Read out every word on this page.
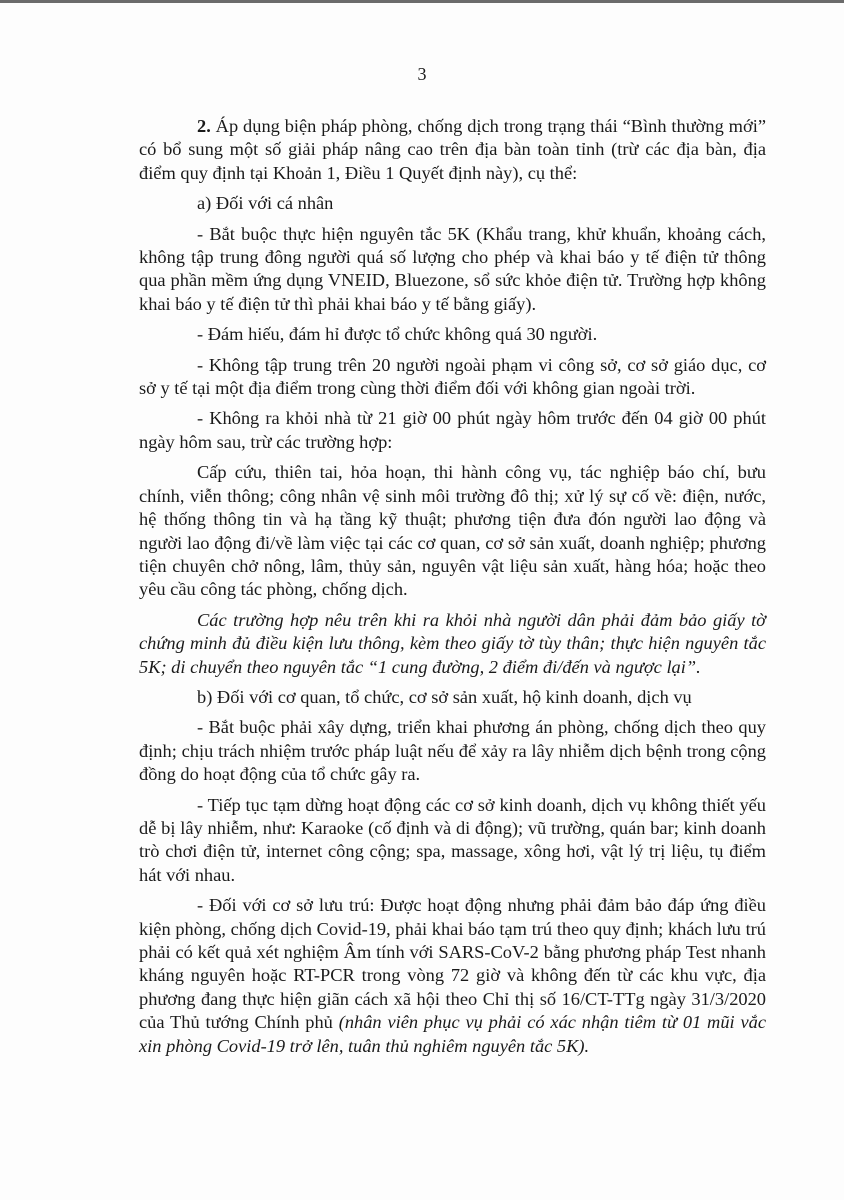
3

2. Áp dụng biện pháp phòng, chống dịch trong trạng thái “Bình thường mới” có bổ sung một số giải pháp nâng cao trên địa bàn toàn tỉnh (trừ các địa bàn, địa điểm quy định tại Khoản 1, Điều 1 Quyết định này), cụ thể:

a) Đối với cá nhân

- Bắt buộc thực hiện nguyên tắc 5K (Khẩu trang, khử khuẩn, khoảng cách, không tập trung đông người quá số lượng cho phép và khai báo y tế điện tử thông qua phần mềm ứng dụng VNEID, Bluezone, sổ sức khỏe điện tử. Trường hợp không khai báo y tế điện tử thì phải khai báo y tế bằng giấy).

- Đám hiếu, đám hỉ được tổ chức không quá 30 người.

- Không tập trung trên 20 người ngoài phạm vi công sở, cơ sở giáo dục, cơ sở y tế tại một địa điểm trong cùng thời điểm đối với không gian ngoài trời.

- Không ra khỏi nhà từ 21 giờ 00 phút ngày hôm trước đến 04 giờ 00 phút ngày hôm sau, trừ các trường hợp:

Cấp cứu, thiên tai, hỏa hoạn, thi hành công vụ, tác nghiệp báo chí, bưu chính, viễn thông; công nhân vệ sinh môi trường đô thị; xử lý sự cố về: điện, nước, hệ thống thông tin và hạ tầng kỹ thuật; phương tiện đưa đón người lao động và người lao động đi/về làm việc tại các cơ quan, cơ sở sản xuất, doanh nghiệp; phương tiện chuyên chở nông, lâm, thủy sản, nguyên vật liệu sản xuất, hàng hóa; hoặc theo yêu cầu công tác phòng, chống dịch.

Các trường hợp nêu trên khi ra khỏi nhà người dân phải đảm bảo giấy tờ chứng minh đủ điều kiện lưu thông, kèm theo giấy tờ tùy thân; thực hiện nguyên tắc 5K; di chuyển theo nguyên tắc “1 cung đường, 2 điểm đi/đến và ngược lại”.

b) Đối với cơ quan, tổ chức, cơ sở sản xuất, hộ kinh doanh, dịch vụ

- Bắt buộc phải xây dựng, triển khai phương án phòng, chống dịch theo quy định; chịu trách nhiệm trước pháp luật nếu để xảy ra lây nhiễm dịch bệnh trong cộng đồng do hoạt động của tổ chức gây ra.

- Tiếp tục tạm dừng hoạt động các cơ sở kinh doanh, dịch vụ không thiết yếu dễ bị lây nhiễm, như: Karaoke (cố định và di động); vũ trường, quán bar; kinh doanh trò chơi điện tử, internet công cộng; spa, massage, xông hơi, vật lý trị liệu, tụ điểm hát với nhau.

- Đối với cơ sở lưu trú: Được hoạt động nhưng phải đảm bảo đáp ứng điều kiện phòng, chống dịch Covid-19, phải khai báo tạm trú theo quy định; khách lưu trú phải có kết quả xét nghiệm Âm tính với SARS-CoV-2 bằng phương pháp Test nhanh kháng nguyên hoặc RT-PCR trong vòng 72 giờ và không đến từ các khu vực, địa phương đang thực hiện giãn cách xã hội theo Chỉ thị số 16/CT-TTg ngày 31/3/2020 của Thủ tướng Chính phủ (nhân viên phục vụ phải có xác nhận tiêm từ 01 mũi vắc xin phòng Covid-19 trở lên, tuân thủ nghiêm nguyên tắc 5K).
